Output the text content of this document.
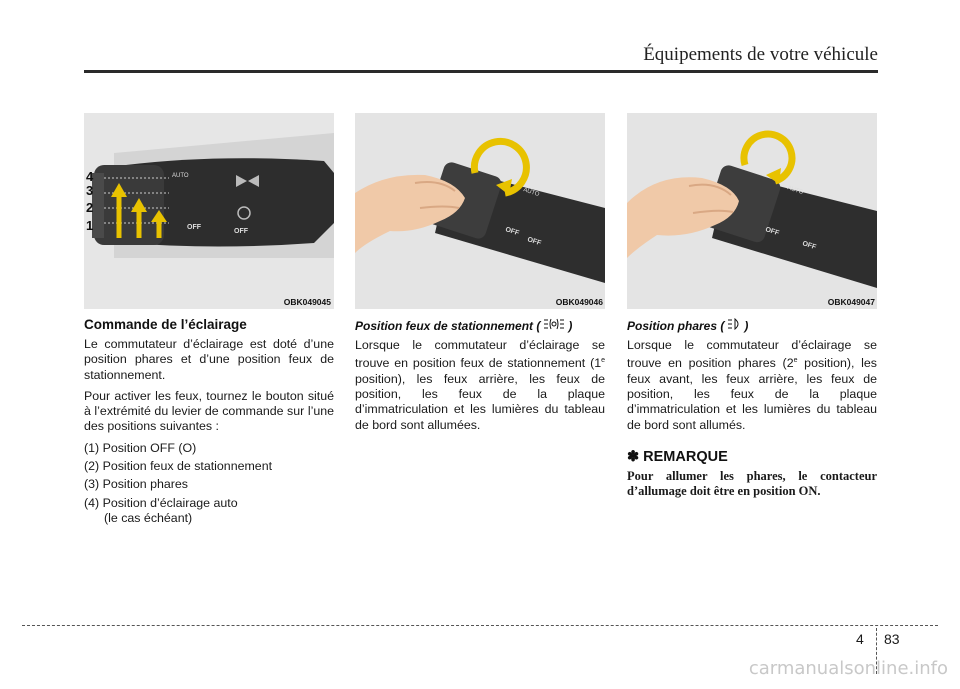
Équipements de votre véhicule
4
3
2
1
AUTO
OFF
OFF
OBK049045
Commande de l’éclairage

Le commutateur d’éclairage est doté d’une position phares et d’une position feux de stationnement.

Pour activer les feux, tournez le bouton situé à l’extrémité du levier de commande sur l’une des positions suivantes :

(1) Position OFF (O)
(2) Position feux de stationnement
(3) Position phares
(4) Position d’éclairage auto
(le cas échéant)
OFF
AUTO
OFF
OBK049046
Position feux de stationnement ( )

Lorsque le commutateur d’éclairage se trouve en position feux de stationnement (1e position), les feux arrière, les feux de position, les feux de la plaque d’immatriculation et les lumières du tableau de bord sont allumées.

OFF
AUTO
OFF
OBK049047
Position phares ( )

Lorsque le commutateur d’éclairage se trouve en position phares (2e position), les feux avant, les feux arrière, les feux de position, les feux de la plaque d’immatriculation et les lumières du tableau de bord sont allumés.

✽ REMARQUE

Pour allumer les phares, le contacteur d’allumage doit être en position ON.

4 83
carmanualsonline.info
